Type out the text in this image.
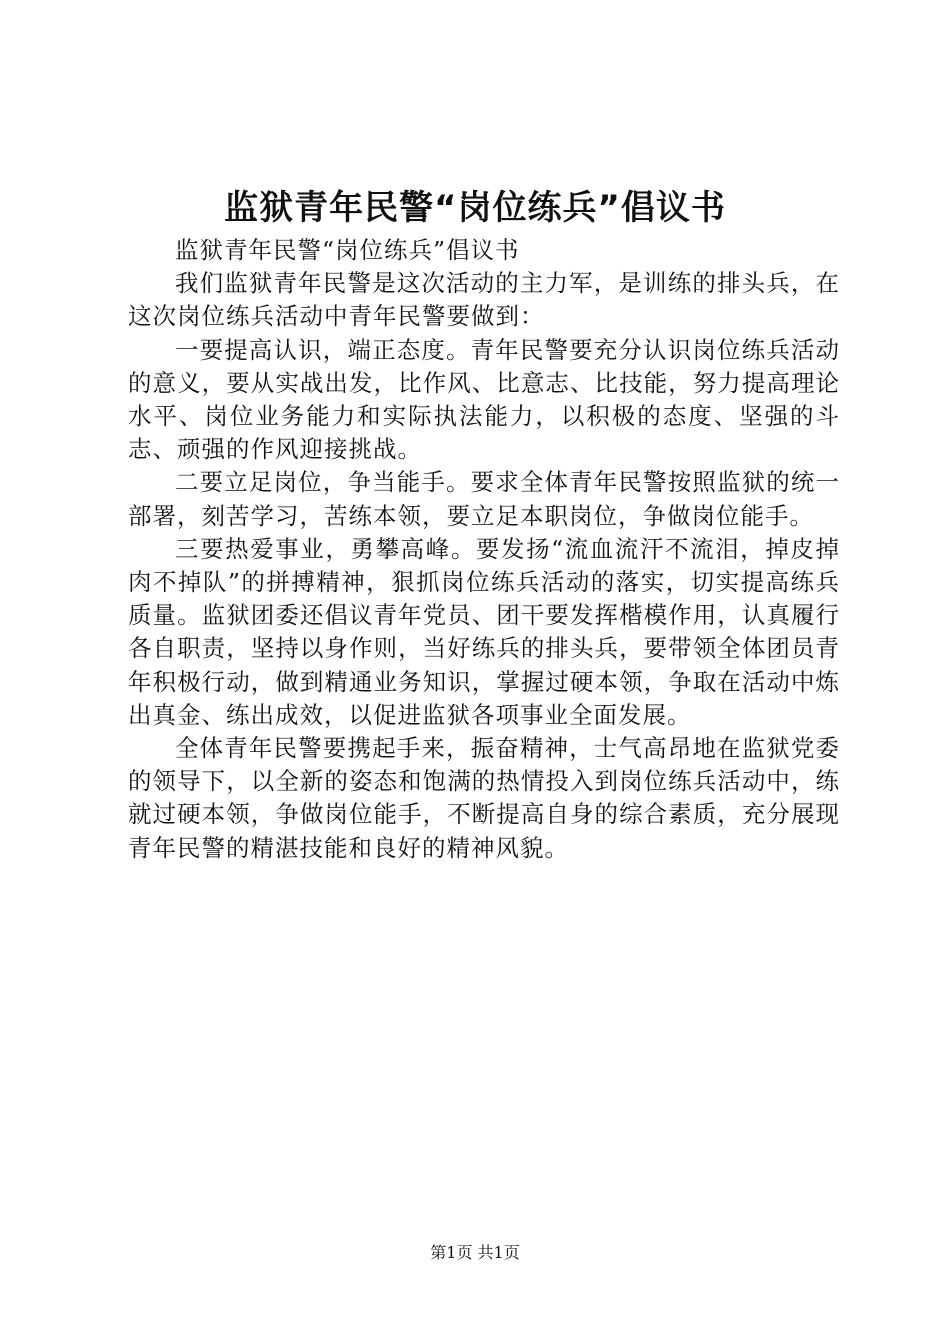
监狱青年民警“岗位练兵”倡议书

监狱青年民警“岗位练兵”倡议书

我们监狱青年民警是这次活动的主力军，是训练的排头兵，在这次岗位练兵活动中青年民警要做到：

一要提高认识，端正态度。青年民警要充分认识岗位练兵活动的意义，要从实战出发，比作风、比意志、比技能，努力提高理论水平、岗位业务能力和实际执法能力，以积极的态度、坚强的斗志、顽强的作风迎接挑战。

二要立足岗位，争当能手。要求全体青年民警按照监狱的统一部署，刻苦学习，苦练本领，要立足本职岗位，争做岗位能手。

三要热爱事业，勇攀高峰。要发扬“流血流汗不流泪，掉皮掉肉不掉队”的拼搏精神，狠抓岗位练兵活动的落实，切实提高练兵质量。监狱团委还倡议青年党员、团干要发挥楷模作用，认真履行各自职责，坚持以身作则，当好练兵的排头兵，要带领全体团员青年积极行动，做到精通业务知识，掌握过硬本领，争取在活动中炼出真金、练出成效，以促进监狱各项事业全面发展。

全体青年民警要携起手来，振奋精神，士气高昂地在监狱党委的领导下，以全新的姿态和饱满的热情投入到岗位练兵活动中，练就过硬本领，争做岗位能手，不断提高自身的综合素质，充分展现青年民警的精湛技能和良好的精神风貌。

第1页 共1页
